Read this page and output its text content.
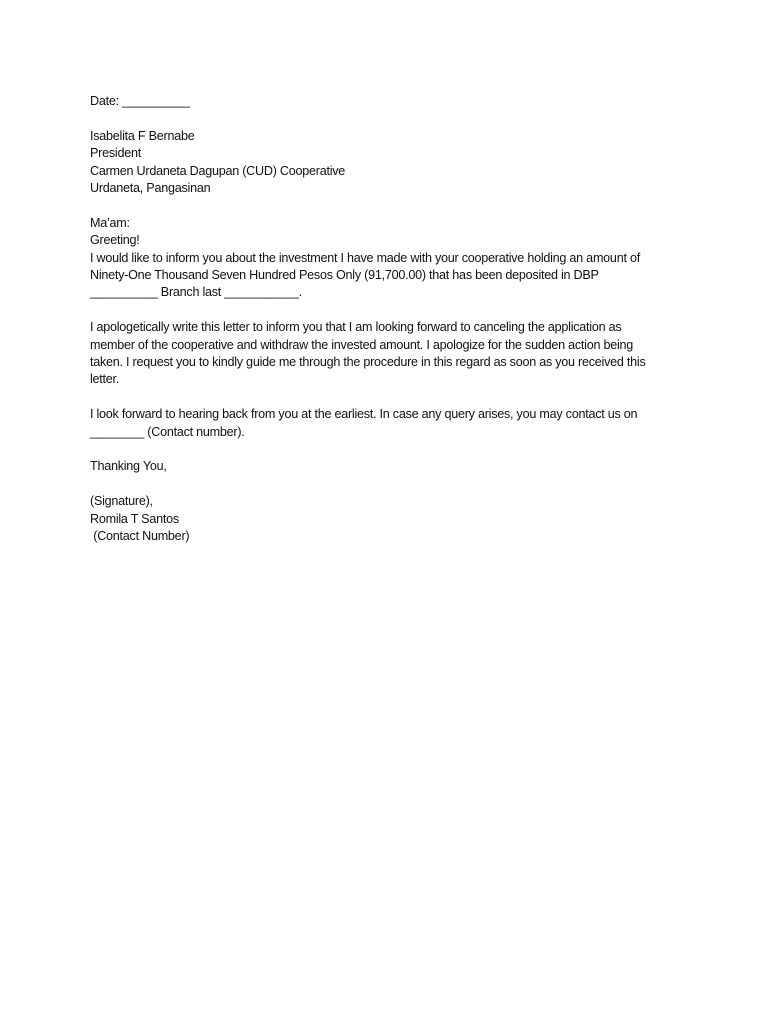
Date: __________
Isabelita F Bernabe
President
Carmen Urdaneta Dagupan (CUD) Cooperative
Urdaneta, Pangasinan
Ma’am:
Greeting!
I would like to inform you about the investment I have made with your cooperative holding an amount of
Ninety-One Thousand Seven Hundred Pesos Only (91,700.00) that has been deposited in DBP
__________ Branch last ___________.
I apologetically write this letter to inform you that I am looking forward to canceling the application as
member of the cooperative and withdraw the invested amount. I apologize for the sudden action being
taken. I request you to kindly guide me through the procedure in this regard as soon as you received this
letter.
I look forward to hearing back from you at the earliest. In case any query arises, you may contact us on
________ (Contact number).
Thanking You,
(Signature),
Romila T Santos
(Contact Number)
